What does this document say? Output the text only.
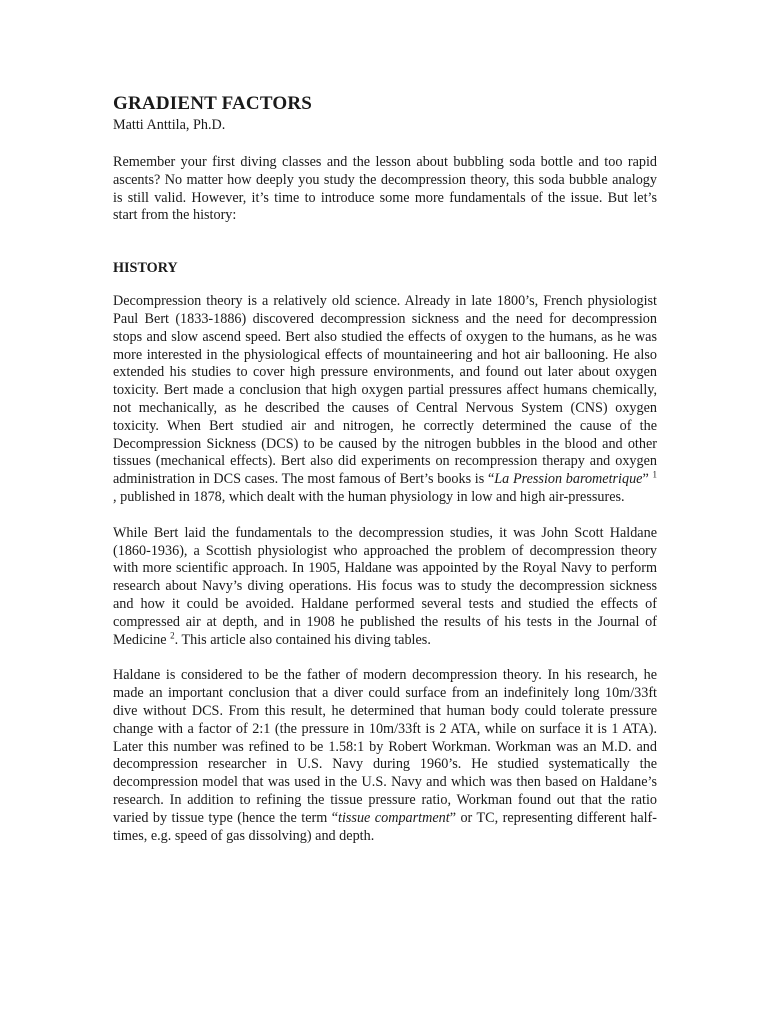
GRADIENT FACTORS
Matti Anttila, Ph.D.

Remember your first diving classes and the lesson about bubbling soda bottle and too rapid ascents? No matter how deeply you study the decompression theory, this soda bubble analogy is still valid. However, it’s time to introduce some more fundamentals of the issue. But let’s start from the history:

HISTORY

Decompression theory is a relatively old science. Already in late 1800’s, French physiologist Paul Bert (1833-1886) discovered decompression sickness and the need for decompression stops and slow ascend speed. Bert also studied the effects of oxygen to the humans, as he was more interested in the physiological effects of mountaineering and hot air ballooning. He also extended his studies to cover high pressure environments, and found out later about oxygen toxicity. Bert made a conclusion that high oxygen partial pressures affect humans chemically, not mechanically, as he described the causes of Central Nervous System (CNS) oxygen toxicity. When Bert studied air and nitrogen, he correctly determined the cause of the Decompression Sickness (DCS) to be caused by the nitrogen bubbles in the blood and other tissues (mechanical effects). Bert also did experiments on recompression therapy and oxygen administration in DCS cases. The most famous of Bert’s books is “La Pression barometrique” $^1$ , published in 1878, which dealt with the human physiology in low and high air-pressures.

While Bert laid the fundamentals to the decompression studies, it was John Scott Haldane (1860-1936), a Scottish physiologist who approached the problem of decompression theory with more scientific approach. In 1905, Haldane was appointed by the Royal Navy to perform research about Navy’s diving operations. His focus was to study the decompression sickness and how it could be avoided. Haldane performed several tests and studied the effects of compressed air at depth, and in 1908 he published the results of his tests in the Journal of Medicine $^2$. This article also contained his diving tables.

Haldane is considered to be the father of modern decompression theory. In his research, he made an important conclusion that a diver could surface from an indefinitely long 10m/33ft dive without DCS. From this result, he determined that human body could tolerate pressure change with a factor of 2:1 (the pressure in 10m/33ft is 2 ATA, while on surface it is 1 ATA). Later this number was refined to be 1.58:1 by Robert Workman. Workman was an M.D. and decompression researcher in U.S. Navy during 1960’s. He studied systematically the decompression model that was used in the U.S. Navy and which was then based on Haldane’s research. In addition to refining the tissue pressure ratio, Workman found out that the ratio varied by tissue type (hence the term “tissue compartment” or TC, representing different half-times, e.g. speed of gas dissolving) and depth.
